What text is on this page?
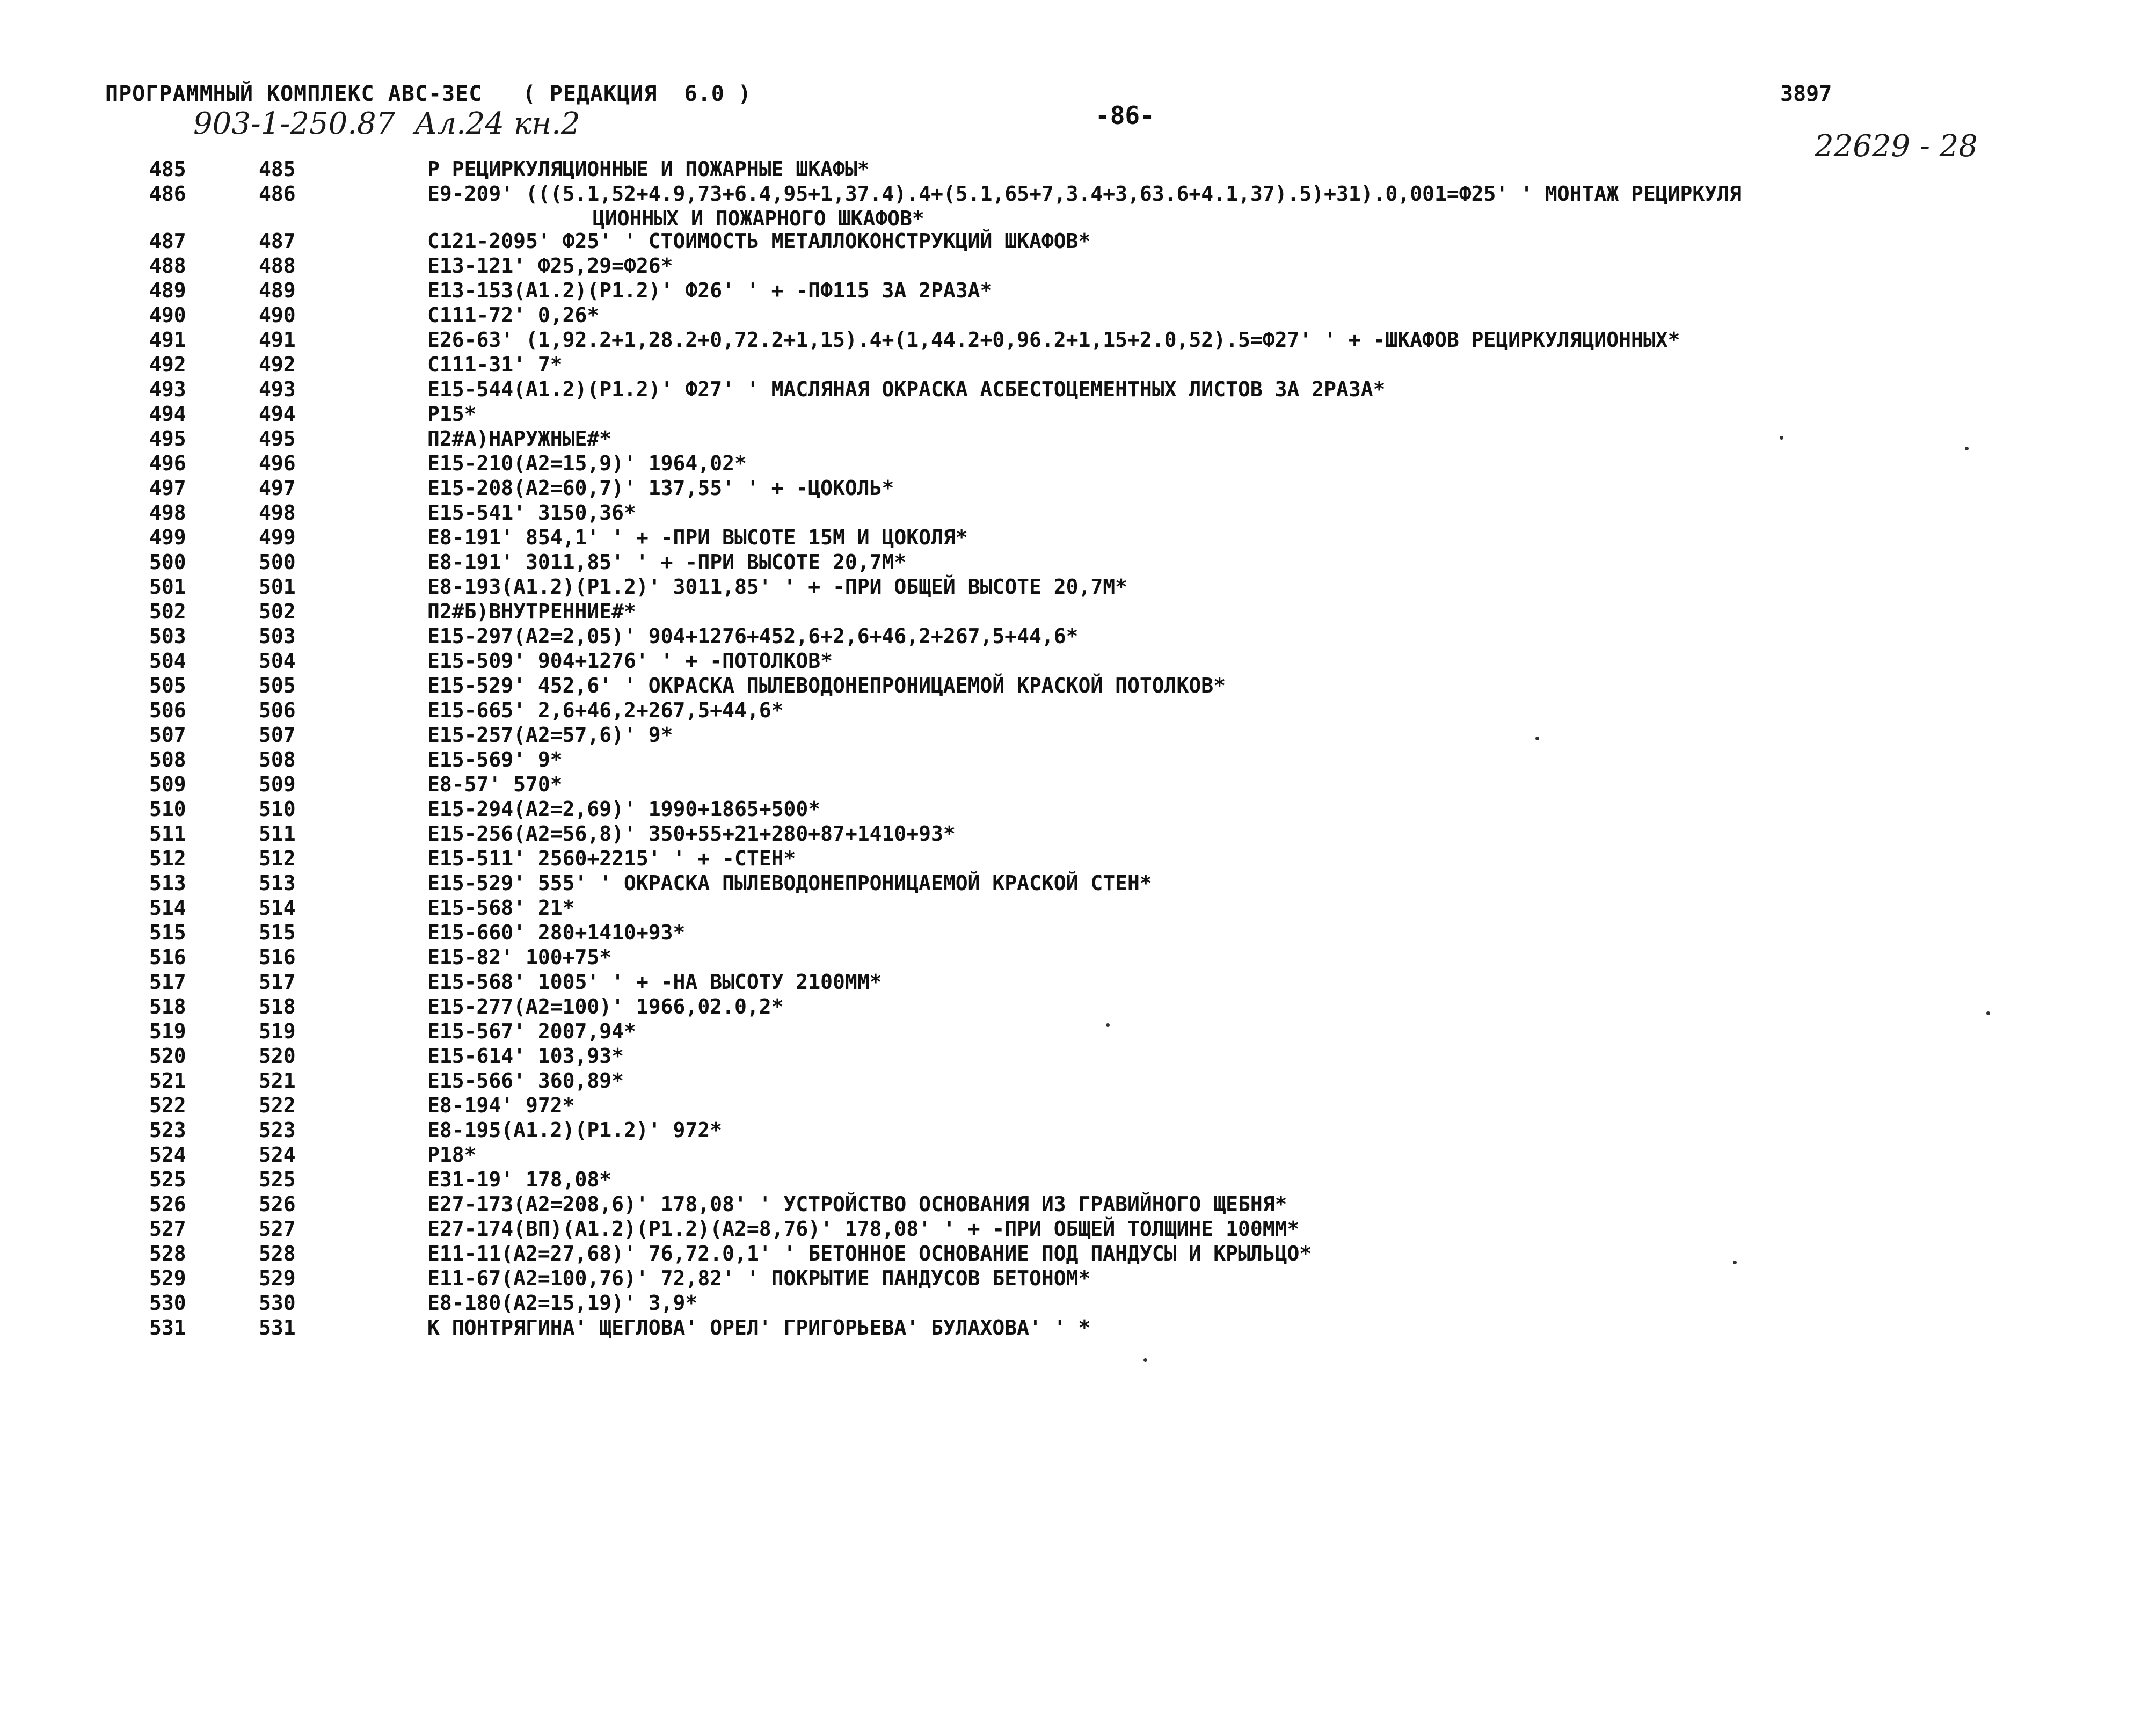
ПРОГРАММНЫЙ КОМПЛЕКС АВС-3ЕС   ( РЕДАКЦИЯ  6.0 )
-86-
3897
903-1-250.87  Ал.24 кн.2
22629 - 28
485	485	Р РЕЦИРКУЛЯЦИОННЫЕ И ПОЖАРНЫЕ ШКАФЫ*
486	486	Е9-209' (((5.1,52+4.9,73+6.4,95+1,37.4).4+(5.1,65+7,3.4+3,63.6+4.1,37).5)+31).0,001=Ф25' ' МОНТАЖ РЕЦИРКУЛЯ
ЦИОННЫХ И ПОЖАРНОГО ШКАФОВ*
487	487	С121-2095' Ф25' ' СТОИМОСТЬ МЕТАЛЛОКОНСТРУКЦИЙ ШКАФОВ*
488	488	Е13-121' Ф25,29=Ф26*
489	489	Е13-153(А1.2)(Р1.2)' Ф26' ' + -ПФ115 ЗА 2РАЗА*
490	490	С111-72' 0,26*
491	491	Е26-63' (1,92.2+1,28.2+0,72.2+1,15).4+(1,44.2+0,96.2+1,15+2.0,52).5=Ф27' ' + -ШКАФОВ РЕЦИРКУЛЯЦИОННЫХ*
492	492	С111-31' 7*
493	493	Е15-544(А1.2)(Р1.2)' Ф27' ' МАСЛЯНАЯ ОКРАСКА АСБЕСТОЦЕМЕНТНЫХ ЛИСТОВ ЗА 2РАЗА*
494	494	Р15*
495	495	П2#А)НАРУЖНЫЕ#*
496	496	Е15-210(А2=15,9)' 1964,02*
497	497	Е15-208(А2=60,7)' 137,55' ' + -ЦОКОЛЬ*
498	498	Е15-541' 3150,36*
499	499	Е8-191' 854,1' ' + -ПРИ ВЫСОТЕ 15М И ЦОКОЛЯ*
500	500	Е8-191' 3011,85' ' + -ПРИ ВЫСОТЕ 20,7М*
501	501	Е8-193(А1.2)(Р1.2)' 3011,85' ' + -ПРИ ОБЩЕЙ ВЫСОТЕ 20,7М*
502	502	П2#Б)ВНУТРЕННИЕ#*
503	503	Е15-297(А2=2,05)' 904+1276+452,6+2,6+46,2+267,5+44,6*
504	504	Е15-509' 904+1276' ' + -ПОТОЛКОВ*
505	505	Е15-529' 452,6' ' ОКРАСКА ПЫЛЕВОДОНЕПРОНИЦАЕМОЙ КРАСКОЙ ПОТОЛКОВ*
506	506	Е15-665' 2,6+46,2+267,5+44,6*
507	507	Е15-257(А2=57,6)' 9*
508	508	Е15-569' 9*
509	509	Е8-57' 570*
510	510	Е15-294(А2=2,69)' 1990+1865+500*
511	511	Е15-256(А2=56,8)' 350+55+21+280+87+1410+93*
512	512	Е15-511' 2560+2215' ' + -СТЕН*
513	513	Е15-529' 555' ' ОКРАСКА ПЫЛЕВОДОНЕПРОНИЦАЕМОЙ КРАСКОЙ СТЕН*
514	514	Е15-568' 21*
515	515	Е15-660' 280+1410+93*
516	516	Е15-82' 100+75*
517	517	Е15-568' 1005' ' + -НА ВЫСОТУ 2100ММ*
518	518	Е15-277(А2=100)' 1966,02.0,2*
519	519	Е15-567' 2007,94*
520	520	Е15-614' 103,93*
521	521	Е15-566' 360,89*
522	522	Е8-194' 972*
523	523	Е8-195(А1.2)(Р1.2)' 972*
524	524	Р18*
525	525	Е31-19' 178,08*
526	526	Е27-173(А2=208,6)' 178,08' ' УСТРОЙСТВО ОСНОВАНИЯ ИЗ ГРАВИЙНОГО ЩЕБНЯ*
527	527	Е27-174(ВП)(А1.2)(Р1.2)(А2=8,76)' 178,08' ' + -ПРИ ОБЩЕЙ ТОЛЩИНЕ 100ММ*
528	528	Е11-11(А2=27,68)' 76,72.0,1' ' БЕТОННОЕ ОСНОВАНИЕ ПОД ПАНДУСЫ И КРЫЛЬЦО*
529	529	Е11-67(А2=100,76)' 72,82' ' ПОКРЫТИЕ ПАНДУСОВ БЕТОНОМ*
530	530	Е8-180(А2=15,19)' 3,9*
531	531	К ПОНТРЯГИНА' ЩЕГЛОВА' ОРЕЛ' ГРИГОРЬЕВА' БУЛАХОВА' ' *
